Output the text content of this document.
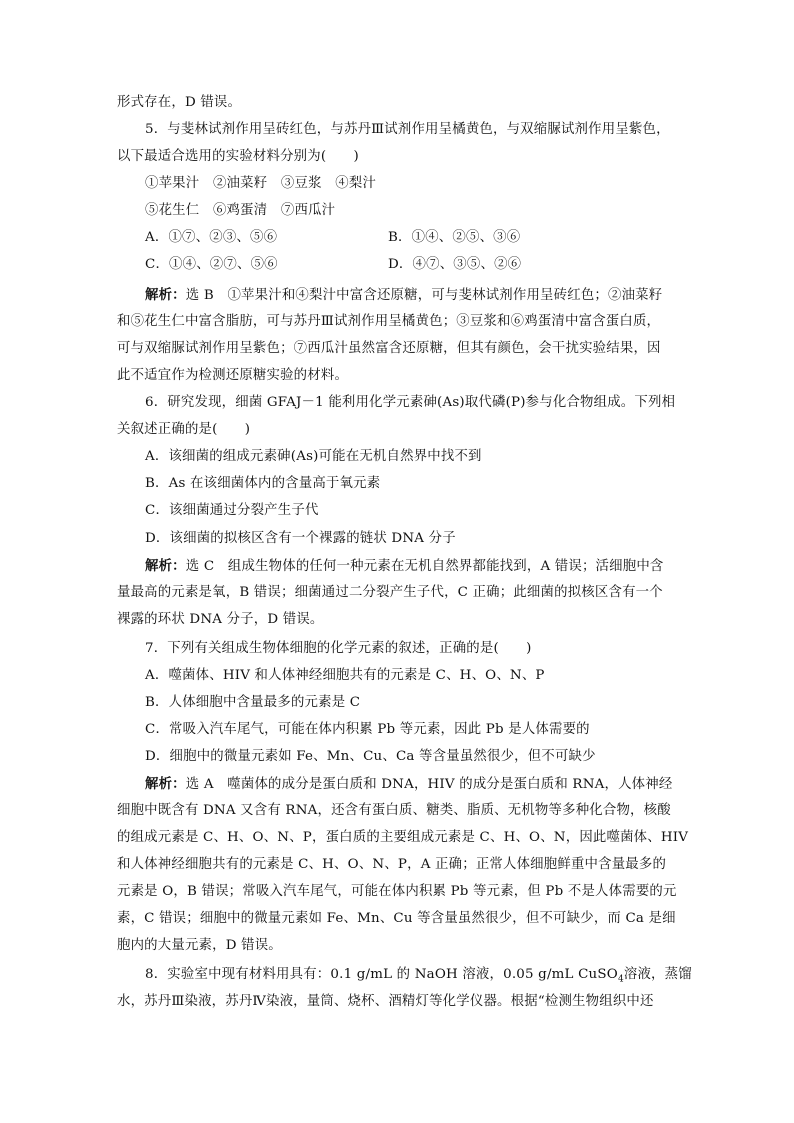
形式存在，D 错误。
5．与斐林试剂作用呈砖红色，与苏丹Ⅲ试剂作用呈橘黄色，与双缩脲试剂作用呈紫色，
以下最适合选用的实验材料分别为(　　)
①苹果汁　②油菜籽　③豆浆　④梨汁
⑤花生仁　⑥鸡蛋清　⑦西瓜汁
A．①⑦、②③、⑤⑥	B．①④、②⑤、③⑥
C．①④、②⑦、⑤⑥	D．④⑦、③⑤、②⑥
解析：选 B　①苹果汁和④梨汁中富含还原糖，可与斐林试剂作用呈砖红色；②油菜籽
和⑤花生仁中富含脂肪，可与苏丹Ⅲ试剂作用呈橘黄色；③豆浆和⑥鸡蛋清中富含蛋白质，
可与双缩脲试剂作用呈紫色；⑦西瓜汁虽然富含还原糖，但其有颜色，会干扰实验结果，因
此不适宜作为检测还原糖实验的材料。
6．研究发现，细菌 GFAJ－1 能利用化学元素砷(As)取代磷(P)参与化合物组成。下列相
关叙述正确的是(　　)
A．该细菌的组成元素砷(As)可能在无机自然界中找不到
B．As 在该细菌体内的含量高于氧元素
C．该细菌通过分裂产生子代
D．该细菌的拟核区含有一个裸露的链状 DNA 分子
解析：选 C　组成生物体的任何一种元素在无机自然界都能找到，A 错误；活细胞中含
量最高的元素是氧，B 错误；细菌通过二分裂产生子代，C 正确；此细菌的拟核区含有一个
裸露的环状 DNA 分子，D 错误。
7．下列有关组成生物体细胞的化学元素的叙述，正确的是(　　)
A．噬菌体、HIV 和人体神经细胞共有的元素是 C、H、O、N、P
B．人体细胞中含量最多的元素是 C
C．常吸入汽车尾气，可能在体内积累 Pb 等元素，因此 Pb 是人体需要的
D．细胞中的微量元素如 Fe、Mn、Cu、Ca 等含量虽然很少，但不可缺少
解析：选 A　噬菌体的成分是蛋白质和 DNA，HIV 的成分是蛋白质和 RNA，人体神经
细胞中既含有 DNA 又含有 RNA，还含有蛋白质、糖类、脂质、无机物等多种化合物，核酸
的组成元素是 C、H、O、N、P，蛋白质的主要组成元素是 C、H、O、N，因此噬菌体、HIV
和人体神经细胞共有的元素是 C、H、O、N、P，A 正确；正常人体细胞鲜重中含量最多的
元素是 O，B 错误；常吸入汽车尾气，可能在体内积累 Pb 等元素，但 Pb 不是人体需要的元
素，C 错误；细胞中的微量元素如 Fe、Mn、Cu 等含量虽然很少，但不可缺少，而 Ca 是细
胞内的大量元素，D 错误。
8．实验室中现有材料用具有：0.1 g/mL 的 NaOH 溶液，0.05 g/mL CuSO$_4$溶液，蒸馏
水，苏丹Ⅲ染液，苏丹Ⅳ染液，量筒、烧杯、酒精灯等化学仪器。根据“检测生物组织中还
